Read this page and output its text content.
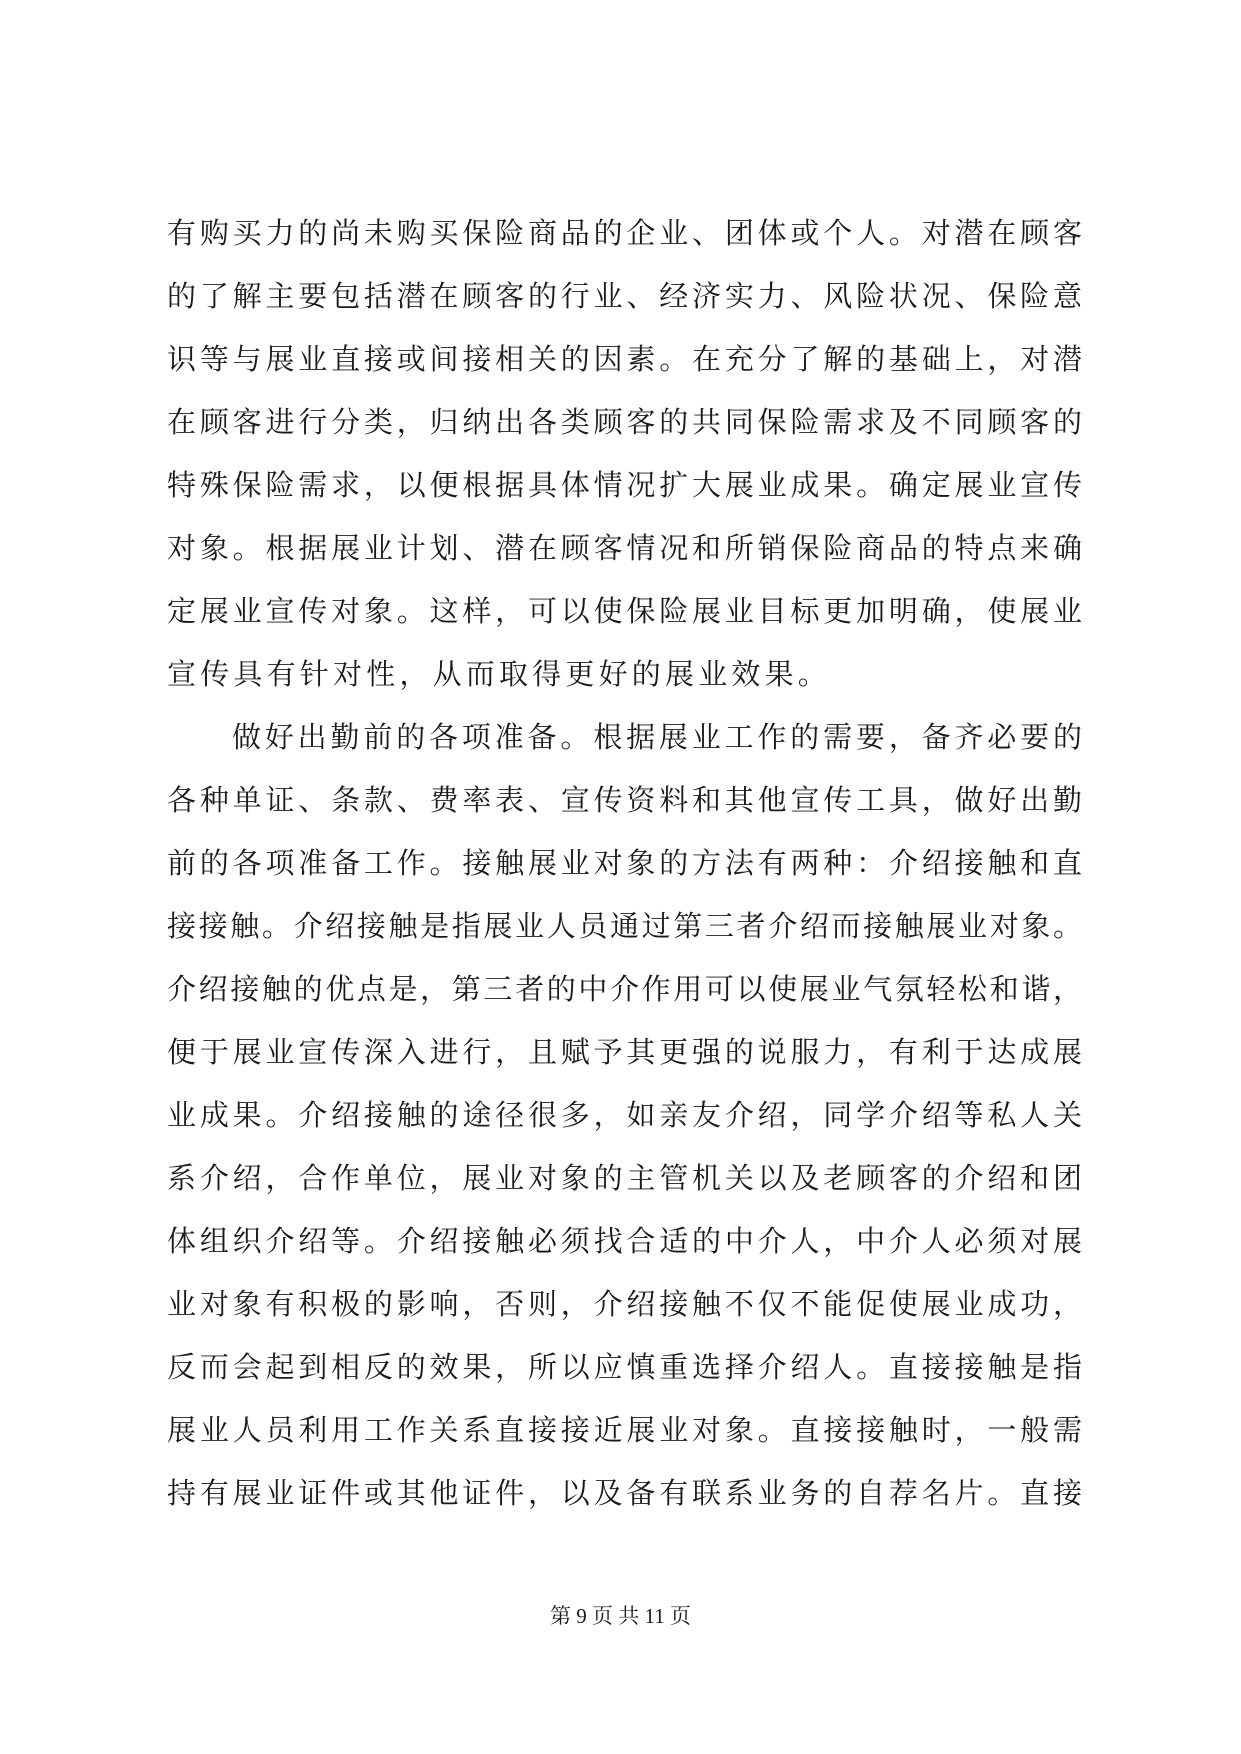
有购买力的尚未购买保险商品的企业、团体或个人。对潜在顾客
的了解主要包括潜在顾客的行业、经济实力、风险状况、保险意
识等与展业直接或间接相关的因素。在充分了解的基础上，对潜
在顾客进行分类，归纳出各类顾客的共同保险需求及不同顾客的
特殊保险需求，以便根据具体情况扩大展业成果。确定展业宣传
对象。根据展业计划、潜在顾客情况和所销保险商品的特点来确
定展业宣传对象。这样，可以使保险展业目标更加明确，使展业
宣传具有针对性，从而取得更好的展业效果。
做好出勤前的各项准备。根据展业工作的需要，备齐必要的
各种单证、条款、费率表、宣传资料和其他宣传工具，做好出勤
前的各项准备工作。接触展业对象的方法有两种：介绍接触和直
接接触。介绍接触是指展业人员通过第三者介绍而接触展业对象。
介绍接触的优点是，第三者的中介作用可以使展业气氛轻松和谐，
便于展业宣传深入进行，且赋予其更强的说服力，有利于达成展
业成果。介绍接触的途径很多，如亲友介绍，同学介绍等私人关
系介绍，合作单位，展业对象的主管机关以及老顾客的介绍和团
体组织介绍等。介绍接触必须找合适的中介人，中介人必须对展
业对象有积极的影响，否则，介绍接触不仅不能促使展业成功，
反而会起到相反的效果，所以应慎重选择介绍人。直接接触是指
展业人员利用工作关系直接接近展业对象。直接接触时，一般需
持有展业证件或其他证件，以及备有联系业务的自荐名片。直接
第 9 页 共 11 页
